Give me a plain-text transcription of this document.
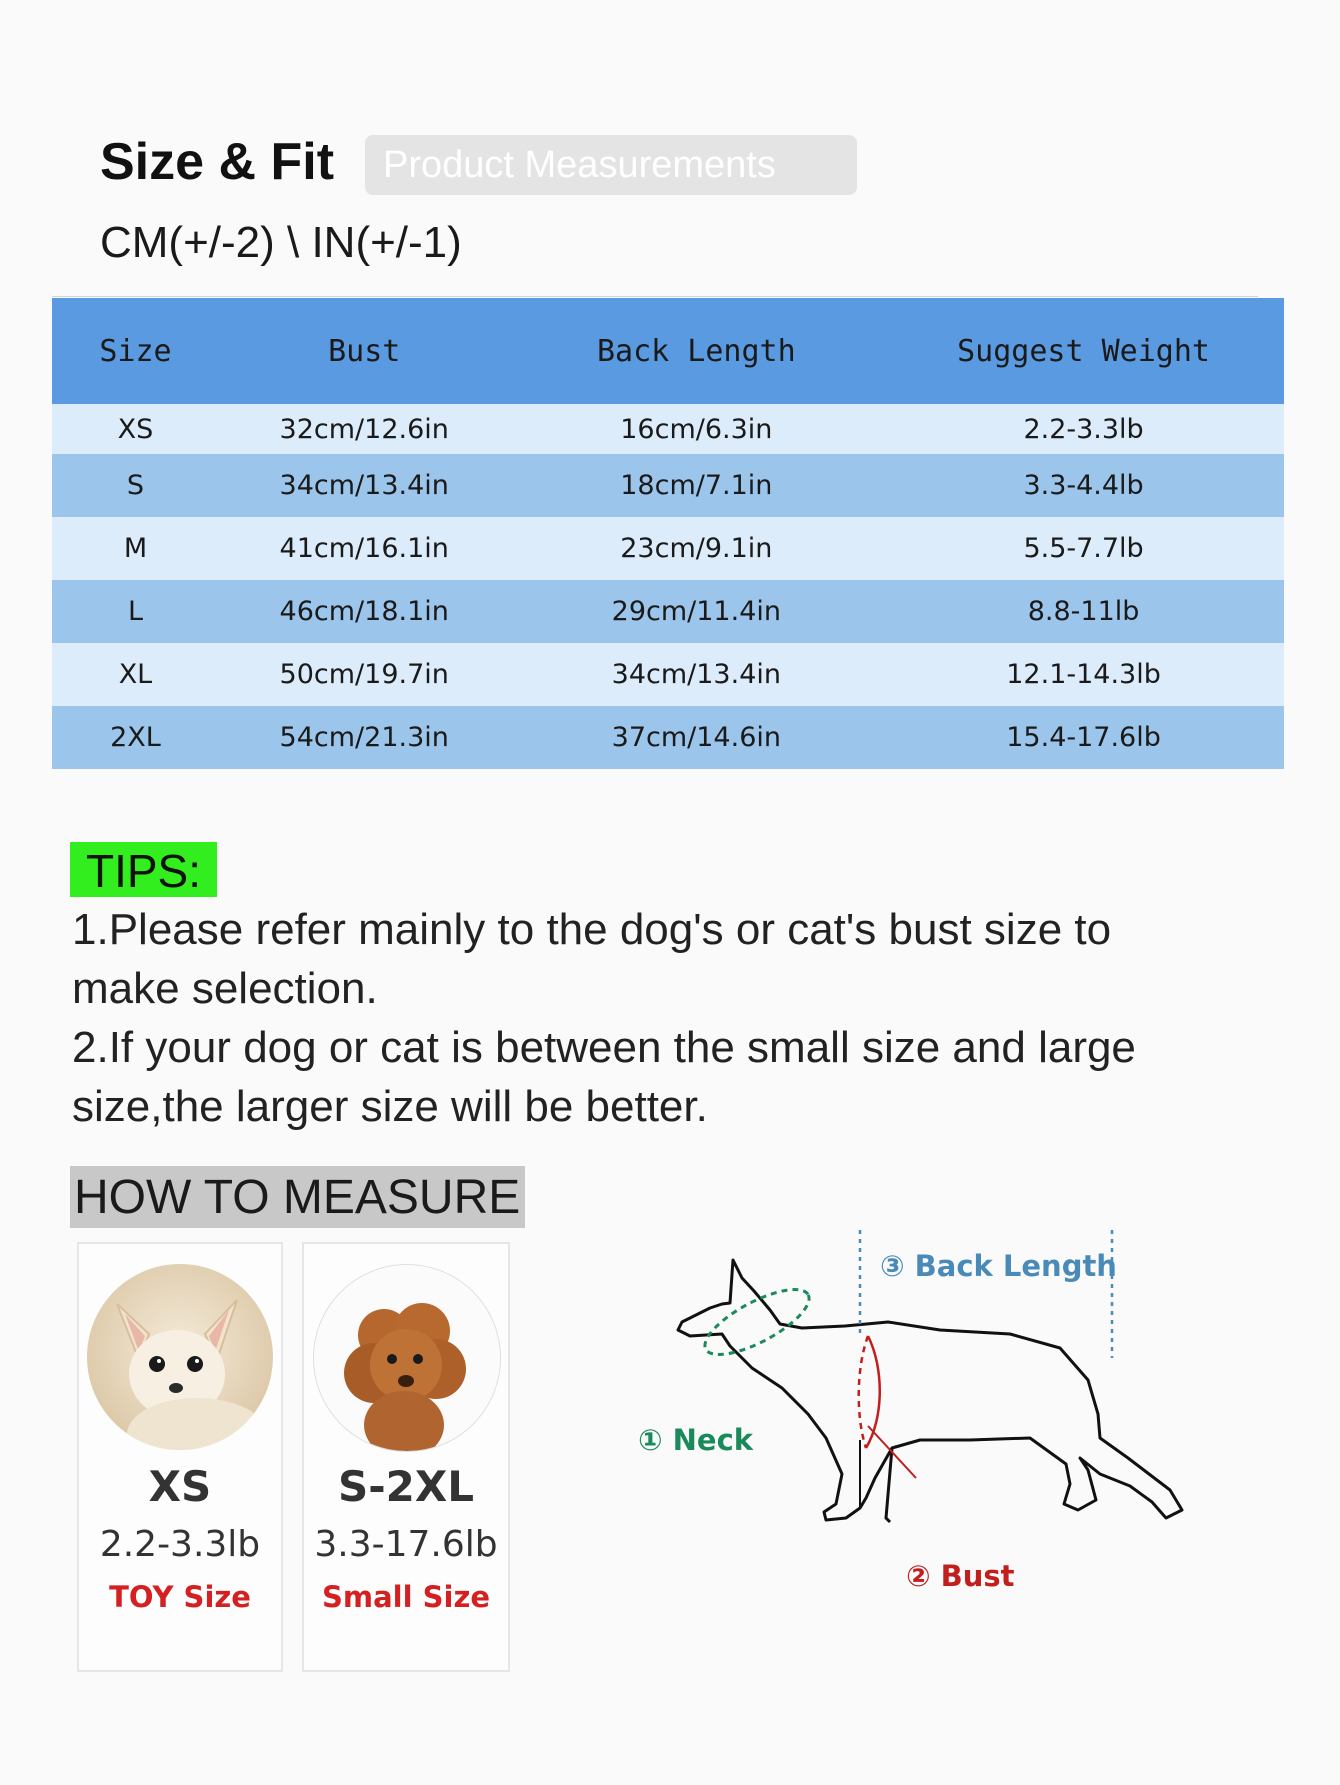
Size & Fit	Product Measurements
CM(+/-2) \ IN(+/-1)
Size	Bust	Back Length	Suggest Weight
XS	32cm/12.6in	16cm/6.3in	2.2-3.3lb
S	34cm/13.4in	18cm/7.1in	3.3-4.4lb
M	41cm/16.1in	23cm/9.1in	5.5-7.7lb
L	46cm/18.1in	29cm/11.4in	8.8-11lb
XL	50cm/19.7in	34cm/13.4in	12.1-14.3lb
2XL	54cm/21.3in	37cm/14.6in	15.4-17.6lb
TIPS:
1.Please refer mainly to the dog's or cat's bust size to
make selection.
2.If your dog or cat is between the small size and large
size,the larger size will be better.
HOW TO MEASURE
XS
2.2-3.3lb
TOY Size
S-2XL
3.3-17.6lb
Small Size
③ Back Length
① Neck
② Bust
